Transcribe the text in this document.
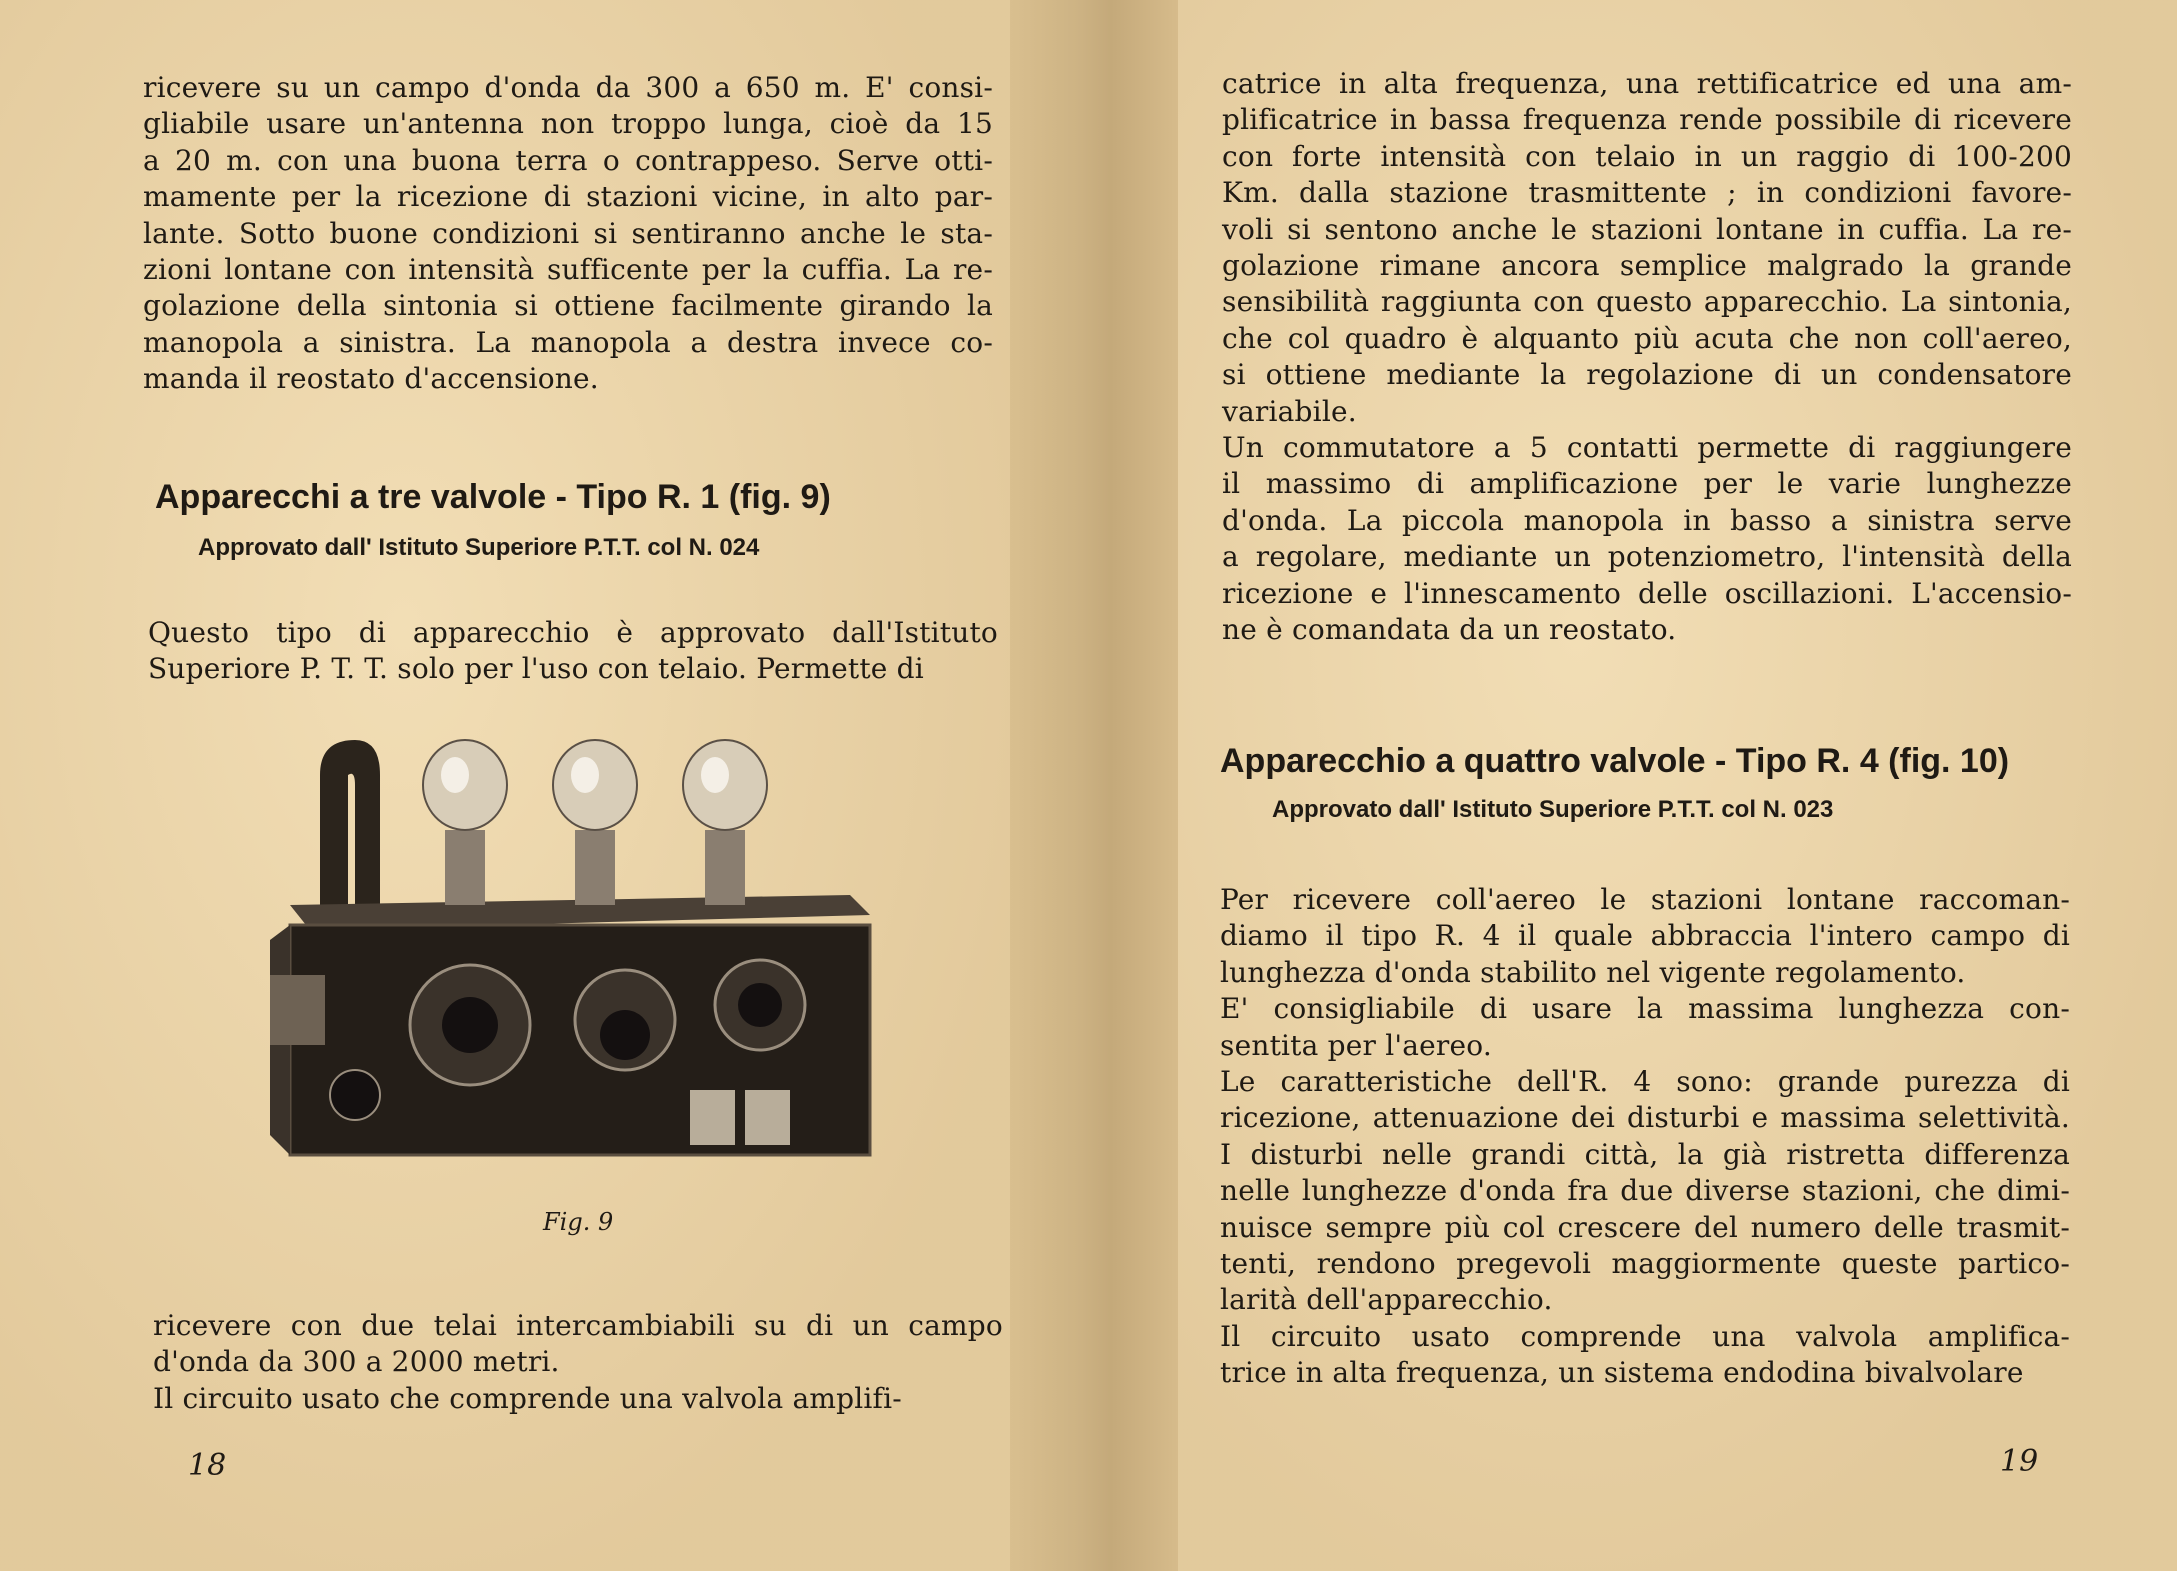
ricevere su un campo d'onda da 300 a 650 m. E' consi-
gliabile usare un'antenna non troppo lunga, cioè da 15
a 20 m. con una buona terra o contrappeso. Serve otti-
mamente per la ricezione di stazioni vicine, in alto par-
lante. Sotto buone condizioni si sentiranno anche le sta-
zioni lontane con intensità sufficente per la cuffia. La re-
golazione della sintonia si ottiene facilmente girando la
manopola a sinistra. La manopola a destra invece co-
manda il reostato d'accensione.
Apparecchi a tre valvole - Tipo R. 1 (fig. 9)
Approvato dall' Istituto Superiore P.T.T. col N. 024
Questo tipo di apparecchio è approvato dall'Istituto
Superiore P. T. T. solo per l'uso con telaio. Permette di
Fig. 9
ricevere con due telai intercambiabili su di un campo
d'onda da 300 a 2000 metri.
Il circuito usato che comprende una valvola amplifi-
18
catrice in alta frequenza, una rettificatrice ed una am-
plificatrice in bassa frequenza rende possibile di ricevere
con forte intensità con telaio in un raggio di 100-200
Km. dalla stazione trasmittente ; in condizioni favore-
voli si sentono anche le stazioni lontane in cuffia. La re-
golazione rimane ancora semplice malgrado la grande
sensibilità raggiunta con questo apparecchio. La sintonia,
che col quadro è alquanto più acuta che non coll'aereo,
si ottiene mediante la regolazione di un condensatore
variabile.
Un commutatore a 5 contatti permette di raggiungere
il massimo di amplificazione per le varie lunghezze
d'onda. La piccola manopola in basso a sinistra serve
a regolare, mediante un potenziometro, l'intensità della
ricezione e l'innescamento delle oscillazioni. L'accensio-
ne è comandata da un reostato.
Apparecchio a quattro valvole - Tipo R. 4 (fig. 10)
Approvato dall' Istituto Superiore P.T.T. col N. 023
Per ricevere coll'aereo le stazioni lontane raccoman-
diamo il tipo R. 4 il quale abbraccia l'intero campo di
lunghezza d'onda stabilito nel vigente regolamento.
E' consigliabile di usare la massima lunghezza con-
sentita per l'aereo.
Le caratteristiche dell'R. 4 sono: grande purezza di
ricezione, attenuazione dei disturbi e massima selettività.
I disturbi nelle grandi città, la già ristretta differenza
nelle lunghezze d'onda fra due diverse stazioni, che dimi-
nuisce sempre più col crescere del numero delle trasmit-
tenti, rendono pregevoli maggiormente queste partico-
larità dell'apparecchio.
Il circuito usato comprende una valvola amplifica-
trice in alta frequenza, un sistema endodina bivalvolare
19
